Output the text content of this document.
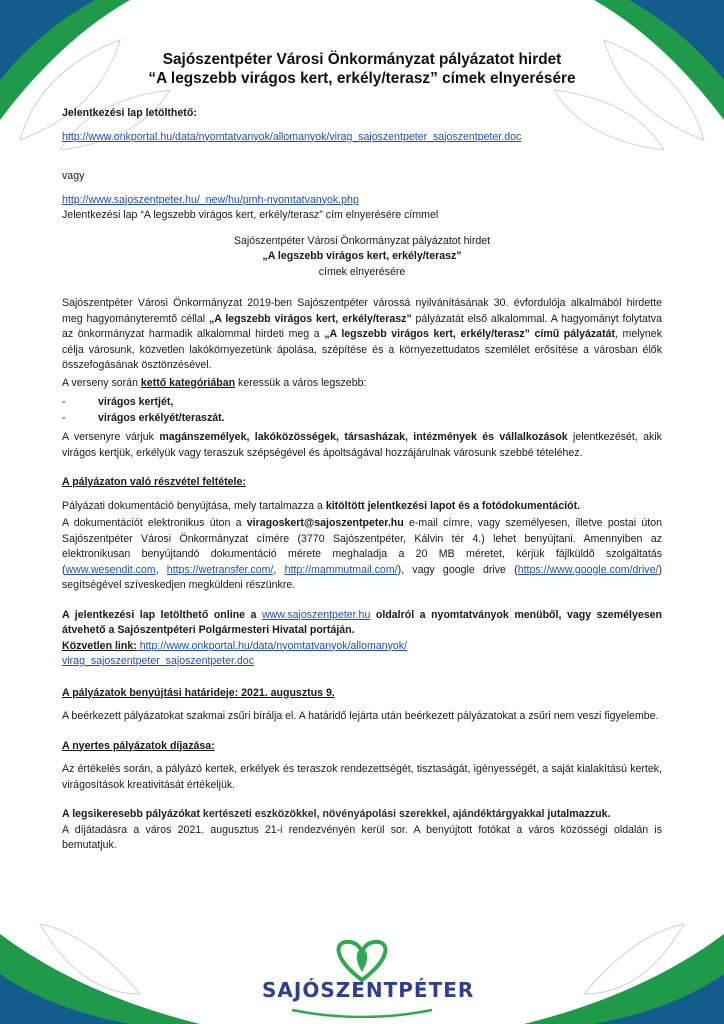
Sajószentpéter Városi Önkormányzat pályázatot hirdet
“A legszebb virágos kert, erkély/terasz” címek elnyerésére

Jelentkezési lap letölthető:

http://www.onkportal.hu/data/nyomtatvanyok/allomanyok/virag_sajoszentpeter_sajoszentpeter.doc

vagy

http://www.sajoszentpeter.hu/_new/hu/pmh-nyomtatvanyok.php

Jelentkezési lap “A legszebb virágos kert, erkély/terasz” cím elnyerésére címmel

Sajószentpéter Városi Önkormányzat pályázatot hirdet

„A legszebb virágos kert, erkély/terasz”

címek elnyerésére

Sajószentpéter Városi Önkormányzat 2019-ben Sajószentpéter várossá nyilvánításának 30. évfordulója alkalmából hirdette meg hagyományteremtő céllal „A legszebb virágos kert, erkély/terasz” pályázatát első alkalommal. A hagyományt folytatva az önkormányzat harmadik alkalommal hirdeti meg a „A legszebb virágos kert, erkély/terasz” című pályázatát, melynek célja városunk, közvetlen lakókörnyezetünk ápolása, szépítése és a környezettudatos szemlélet erősítése a városban élők összefogásának ösztönzésével.

A verseny során kettő kategóriában keressük a város legszebb:

-	virágos kertjét,
-	virágos erkélyét/teraszát.

A versenyre várjuk magánszemélyek, lakóközösségek, társasházak, intézmények és vállalkozások jelentkezését, akik virágos kertjük, erkélyük vagy teraszuk szépségével és ápoltságával hozzájárulnak városunk szebbé tételéhez.

A pályázaton való részvétel feltétele:

Pályázati dokumentáció benyújtása, mely tartalmazza a kitöltött jelentkezési lapot és a fotódokumentációt.

A dokumentációt elektronikus úton a viragoskert@sajoszentpeter.hu e-mail címre, vagy személyesen, illetve postai úton Sajószentpéter Városi Önkormányzat címére (3770 Sajószentpéter, Kálvin tér 4.) lehet benyújtani. Amennyiben az elektronikusan benyújtandó dokumentáció mérete meghaladja a 20 MB méretet, kérjük fájlküldő szolgáltatás (www.wesendit.com, https://wetransfer.com/, http://mammutmail.com/), vagy google drive (https://www.google.com/drive/) segítségével szíveskedjen megküldeni részünkre.

A jelentkezési lap letölthető online a www.sajoszentpeter.hu oldalról a nyomtatványok menüből, vagy személyesen átvehető a Sajószentpéteri Polgármesteri Hivatal portáján.

Közvetlen link: http://www.onkportal.hu/data/nyomtatvanyok/allomanyok/
virag_sajoszentpeter_sajoszentpeter.doc

A pályázatok benyújtási határideje: 2021. augusztus 9.

A beérkezett pályázatokat szakmai zsűri bírálja el. A határidő lejárta után beérkezett pályázatokat a zsűri nem veszi figyelembe.

A nyertes pályázatok díjazása:

Az értékelés során, a pályázó kertek, erkélyek és teraszok rendezettségét, tisztaságát, igényességét, a saját kialakítású kertek, virágosítások kreativitását értékeljük.

A legsikeresebb pályázókat kertészeti eszközökkel, növényápolási szerekkel, ajándéktárgyakkal jutalmazzuk.

A díjátadásra a város 2021. augusztus 21-i rendezvényén kerül sor. A benyújtott fotókat a város közösségi oldalán is bemutatjuk.

SAJÓSZENTPÉTER
